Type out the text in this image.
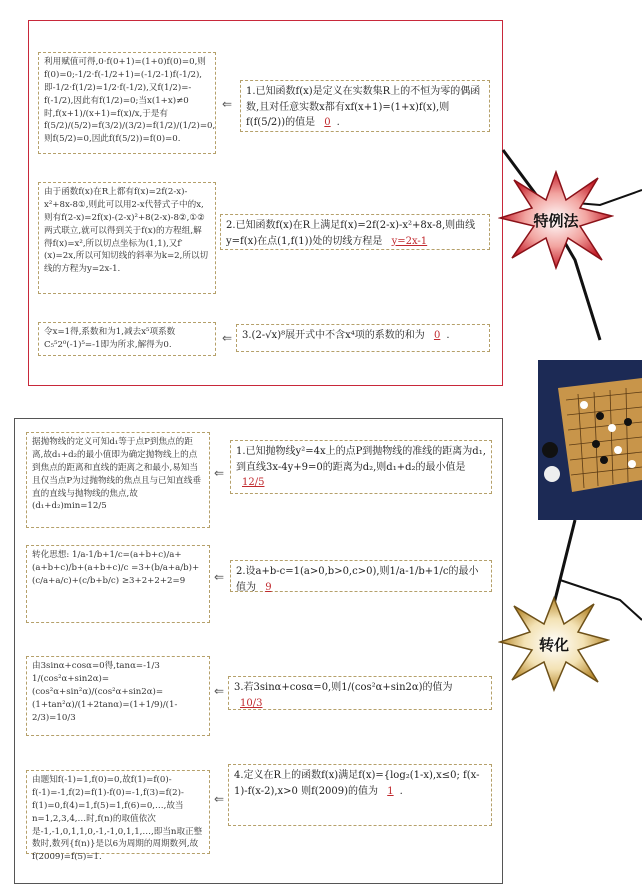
利用赋值可得,0·f(0+1)=(1+0)f(0)=0,则f(0)=0;-1/2·f(-1/2+1)=(-1/2-1)f(-1/2),即-1/2·f(1/2)=1/2·f(-1/2),又f(1/2)=-f(-1/2),因此有f(1/2)=0;当x(1+x)≠0时,f(x+1)/(x+1)=f(x)/x,于是有f(5/2)/(5/2)=f(3/2)/(3/2)=f(1/2)/(1/2)=0,则f(5/2)=0,因此f(f(5/2))=f(0)=0.
⇐
1.已知函数f(x)是定义在实数集R上的不恒为零的偶函数,且对任意实数x都有xf(x+1)=(1+x)f(x),则f(f(5/2))的值是 0 .
由于函数f(x)在R上都有f(x)=2f(2-x)-x²+8x-8①,则此可以用2-x代替式子中的x,则有f(2-x)=2f(x)-(2-x)²+8(2-x)-8②,①②两式联立,就可以得到关于f(x)的方程组,解得f(x)=x²,所以切点坐标为(1,1),又f′(x)=2x,所以可知切线的斜率为k=2,所以切线的方程为y=2x-1.
2.已知函数f(x)在R上满足f(x)=2f(2-x)-x²+8x-8,则曲线y=f(x)在点(1,f(1))处的切线方程是 y=2x-1
令x=1得,系数和为1,减去x⁵项系数C₅⁵2⁰(-1)⁵=-1即为所求,解得为0.	⇐ 3.(2-√x)⁸展开式中不含x⁴项的系数的和为 0 .
据抛物线的定义可知d₁等于点P到焦点的距离,故d₁+d₂的最小值即为确定抛物线上的点到焦点的距离和直线的距离之和最小,易知当且仅当点P为过抛物线的焦点且与已知直线垂直的直线与抛物线的焦点,故(d₁+d₂)min=12/5
⇐
1.已知抛物线y²=4x上的点P到抛物线的准线的距离为d₁,到直线3x-4y+9=0的距离为d₂,则d₁+d₂的最小值是 12/5
转化思想: 1/a-1/b+1/c=(a+b+c)/a+(a+b+c)/b+(a+b+c)/c =3+(b/a+a/b)+(c/a+a/c)+(c/b+b/c) ≥3+2+2+2=9	⇐	2.设a+b-c=1(a>0,b>0,c>0),则1/a-1/b+1/c的最小值为 9
由3sinα+cosα=0得,tanα=-1/3 1/(cos²α+sin2α)=(cos²α+sin²α)/(cos²α+sin2α)=(1+tan²α)/(1+2tanα)=(1+1/9)/(1-2/3)=10/3
⇐ 3.若3sinα+cosα=0,则1/(cos²α+sin2α)的值为 10/3
由题知f(-1)=1,f(0)=0,故f(1)=f(0)-f(-1)=-1,f(2)=f(1)-f(0)=-1,f(3)=f(2)-f(1)=0,f(4)=1,f(5)=1,f(6)=0,…,故当n=1,2,3,4,…时,f(n)的取值依次是-1,-1,0,1,1,0,-1,-1,0,1,1,…,即当n取正整数时,数列{f(n)}是以6为周期的周期数列,故f(2009)=f(5)=1.
⇐
4.定义在R上的函数f(x)满足f(x)={log₂(1-x),x≤0; f(x-1)-f(x-2),x>0 则f(2009)的值为 1 .
特例法
转化
